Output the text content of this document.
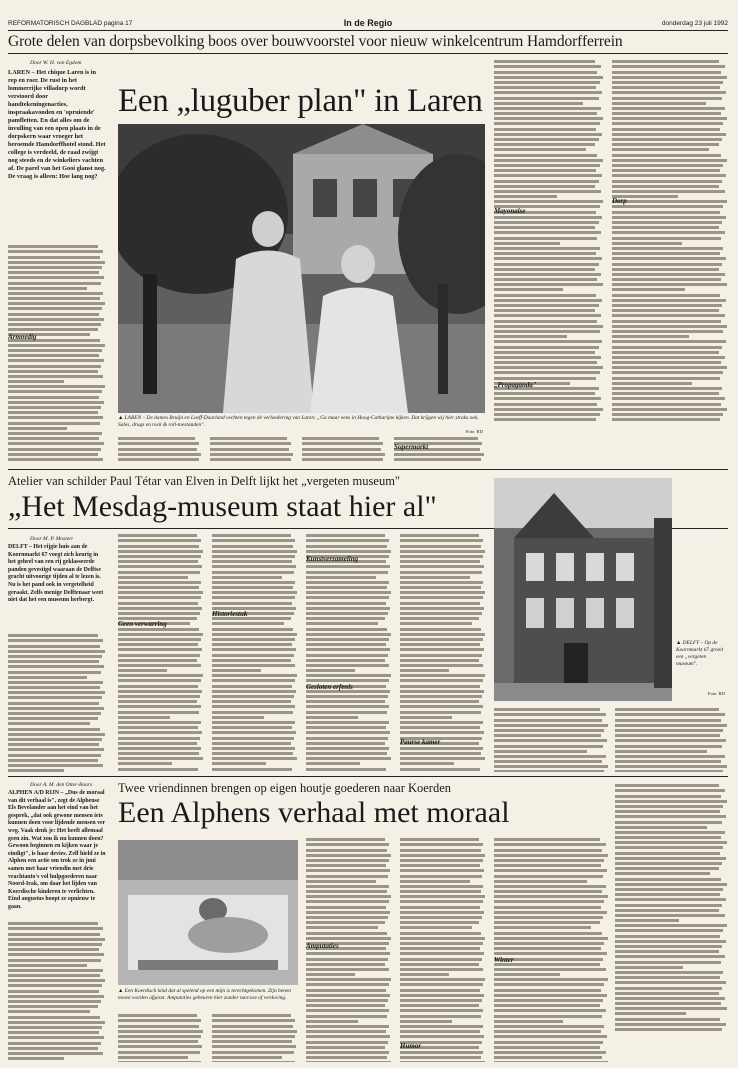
REFORMATORISCH DAGBLAD pagina 17	In de Regio	donderdag 23 juli 1992
Grote delen van dorpsbevolking boos over bouwvoorstel voor nieuw winkelcentrum Hamdorfferrein
Door W. H. van Egdom
LAREN – Het chique Laren is in rep en roer. De rust in het lommerrijke villadorp wordt verstoord door handtekeningenacties, inspraakavonden en 'opruiende' pamfletten. En dat alles om de invulling van een open plaats in de dorpskern waar vroeger het beroemde Hamdorffhotel stond. Het college is verdeeld, de raad zwijgt nog steeds en de winkeliers vachten af. De parel van het Gooi glanst nog. De vraag is alleen: Hoe lang nog?
Een „luguber plan" in Laren
Armoedig
▲ LAREN – De dames Bruijn en Loeff-Daarland vechten tegen de verloedering van Laren: „Ga maar eens in Hoog-Catharijne kijken. Dat krijgen wij hier straks ook. Sales, drugs en rock & roll-toestanden".
Foto: RD
Supermarkt
Mayonaise
„Propaganda"
Dorp
Atelier van schilder Paul Tétar van Elven in Delft lijkt het „vergeten museum"
„Het Mesdag-museum staat hier al"
Door M. P. Mostert
DELFT – Het rijgie huis aan de Koornmarkt 67 voegt zich keurig in het geheel van een rij geklasseerde panden gevestigd waaraan de Delftse gracht uitvoorige tijden al te lezen is. Nu is het pand ook in vergetelheid geraakt. Zelfs menige Delftenaar weet niet dat het een museum herbergt.
Geen verwarring
Historiestuk
Kunstverzameling
Gesloten erfenis
Paurse kamer
▲ DELFT – Op de Koornmarkt 67 groeit een „vergeten museum".
Foto: RD
Door A. M. den Otter-Baars
ALPHEN A/D RIJN – „Dus de moraal van dit verhaal is", zegt de Alphense Els Bevelander aan het eind van het gesprek, „dat ook gewone mensen iets kunnen doen voor lijdende mensen ver weg. Vaak denk je: Het heeft allemaal geen zin. Wat zou ik nu kunnen doen? Gewoon beginnen en kijken waar je eindigt", is haar devies. Zelf hield ze in Alphen een actie om trok ze in juni samen met haar vriendin met drie vrachtauto's vol hulpgoederen naar Noord-Irak, om daar het lijden van Koerdische kinderen te verlichten. Eind augustus hoopt ze opnieuw te gaan.
Twee vriendinnen brengen op eigen houtje goederen naar Koerden
Een Alphens verhaal met moraal
▲ Een Koerdisch kind dat al spelend op een mijn is terechtgekomen. Zijn benen moest worden afgezet. Amputaties gebeuren hier zonder narcose of verdoving.
Amputaties
Humor
Winter
